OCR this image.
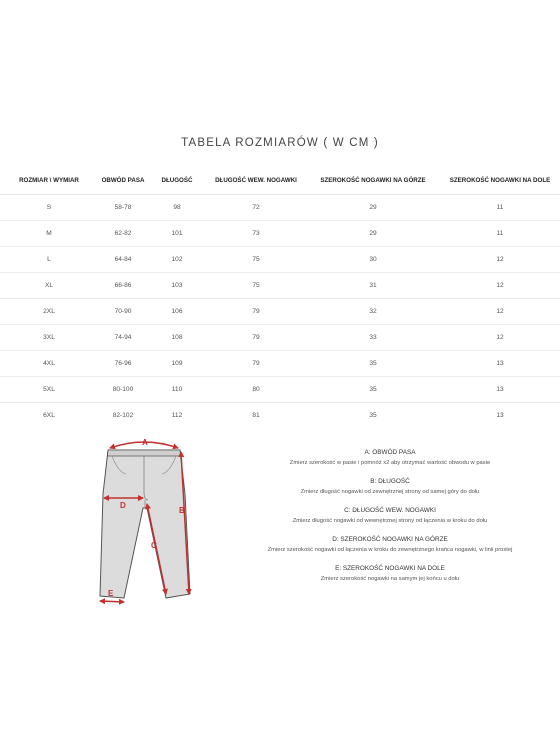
TABELA ROZMIARÓW ( W CM )
ROZMIAR \ WYMIAR	OBWÓD PASA	DŁUGOŚĆ	DŁUGOŚĆ WEW. NOGAWKI	SZEROKOŚĆ NOGAWKI NA GÓRZE	SZEROKOŚĆ NOGAWKI NA DOLE
S	58-78	98	72	29	11
M	62-82	101	73	29	11
L	64-84	102	75	30	12
XL	66-86	103	75	31	12
2XL	70-90	106	79	32	12
3XL	74-94	108	79	33	12
4XL	76-96	109	79	35	13
5XL	80-100	110	80	35	13
6XL	82-102	112	81	35	13
A
B
C
D
E
A: OBWÓD PASA
Zmierz szerokość w pasie i pomnóż x2 aby otrzymać wartość obwodu w pasie
B: DŁUGOŚĆ
Zmierz długość nogawki od zewnętrznej strony od samej góry do dołu
C: DŁUGOŚĆ WEW. NOGAWKI
Zmierz długość nogawki od wewnętrznej strony od łączenia w kroku do dołu
D: SZEROKOŚĆ NOGAWKI NA GÓRZE
Zmierz szerokość nogawki od łączenia w kroku do zewnętrznego krańca nogawki, w linii prostej
E: SZEROKOŚĆ NOGAWKI NA DOLE
Zmierz szerokość nogawki na samym jej końcu u dołu
